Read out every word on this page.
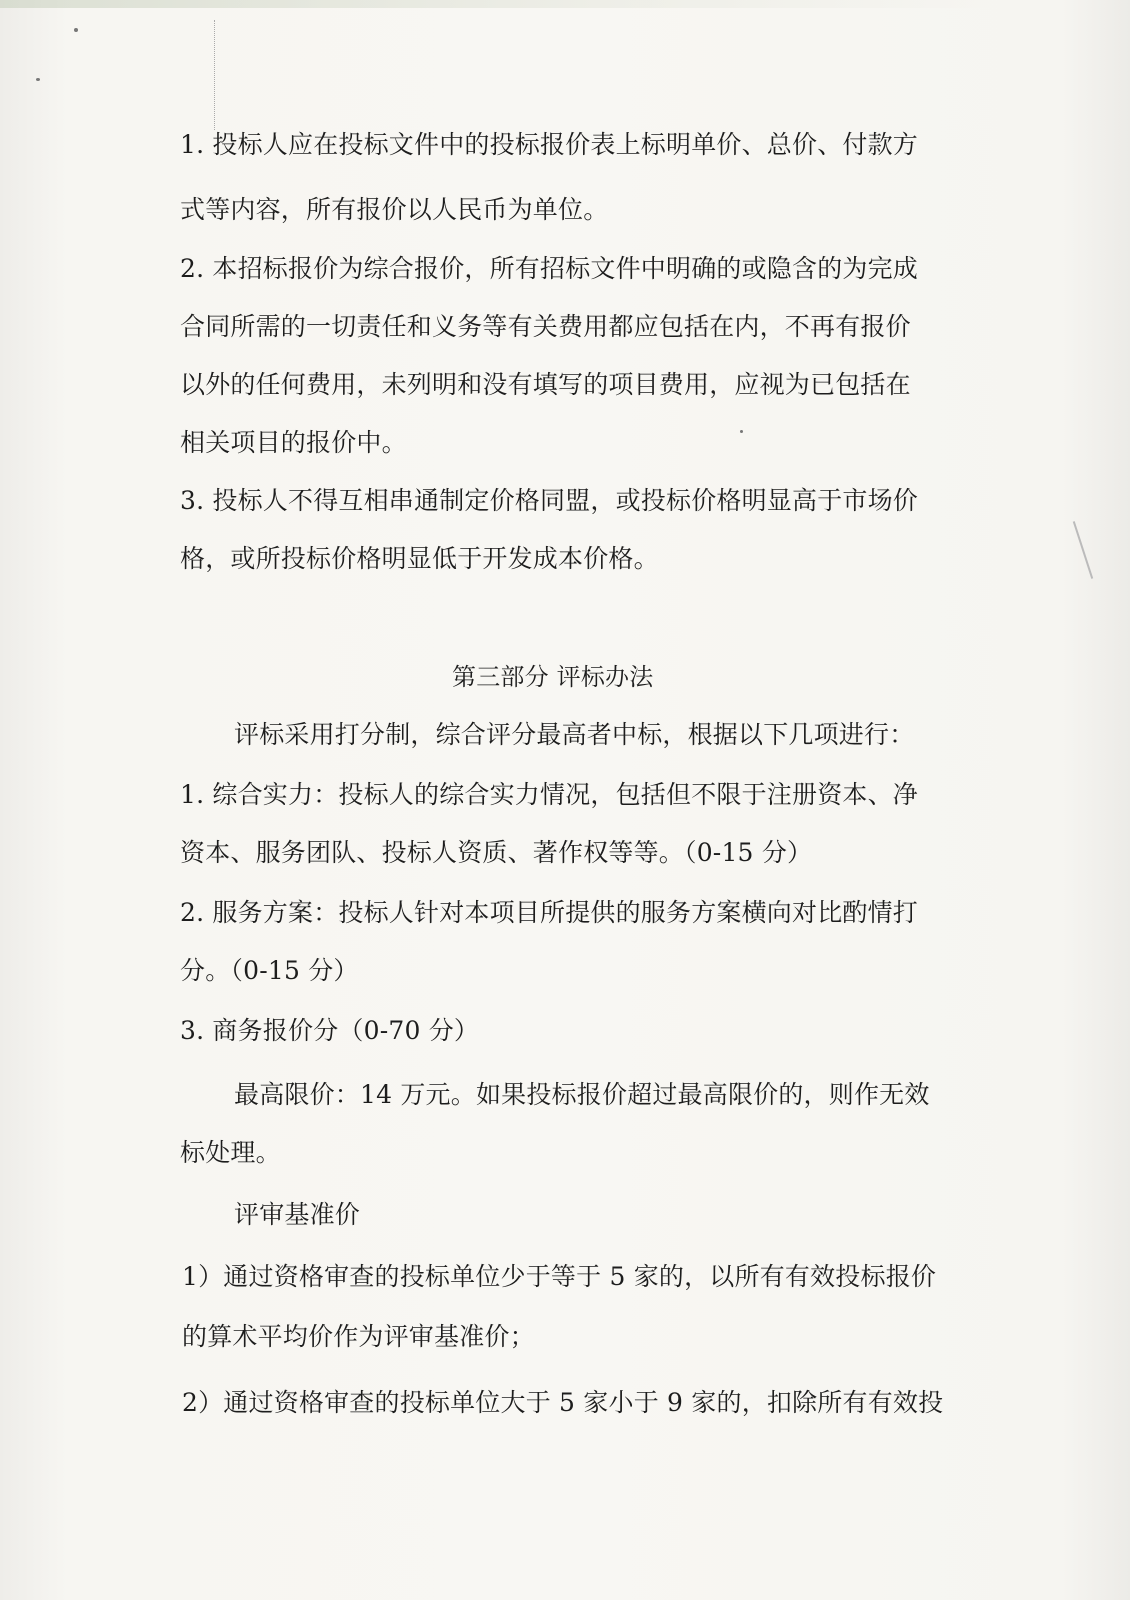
1. 投标人应在投标文件中的投标报价表上标明单价、总价、付款方
式等内容，所有报价以人民币为单位。
2. 本招标报价为综合报价，所有招标文件中明确的或隐含的为完成
合同所需的一切责任和义务等有关费用都应包括在内，不再有报价
以外的任何费用，未列明和没有填写的项目费用，应视为已包括在
相关项目的报价中。
3. 投标人不得互相串通制定价格同盟，或投标价格明显高于市场价
格，或所投标价格明显低于开发成本价格。
第三部分 评标办法
评标采用打分制，综合评分最高者中标，根据以下几项进行：
1. 综合实力：投标人的综合实力情况，包括但不限于注册资本、净
资本、服务团队、投标人资质、著作权等等。（0-15 分）
2. 服务方案：投标人针对本项目所提供的服务方案横向对比酌情打
分。（0-15 分）
3. 商务报价分（0-70 分）
最高限价：14 万元。如果投标报价超过最高限价的，则作无效
标处理。
评审基准价
1）通过资格审查的投标单位少于等于 5 家的，以所有有效投标报价
的算术平均价作为评审基准价；
2）通过资格审查的投标单位大于 5 家小于 9 家的，扣除所有有效投
